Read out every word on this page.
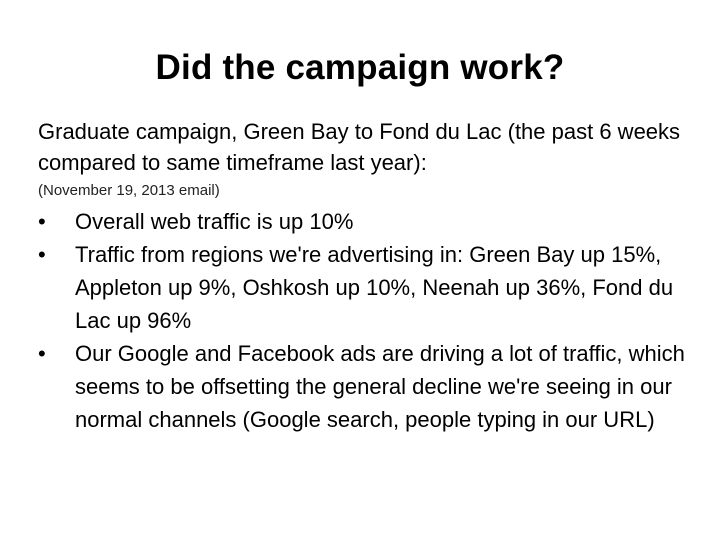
Did the campaign work?

Graduate campaign, Green Bay to Fond du Lac (the past 6 weeks compared to same timeframe last year):

(November 19, 2013 email)

•	Overall web traffic is up 10%
•	Traffic from regions we're advertising in: Green Bay up 15%, Appleton up 9%, Oshkosh up 10%, Neenah up 36%, Fond du Lac up 96%
•	Our Google and Facebook ads are driving a lot of traffic, which seems to be offsetting the general decline we're seeing in our normal channels (Google search, people typing in our URL)
